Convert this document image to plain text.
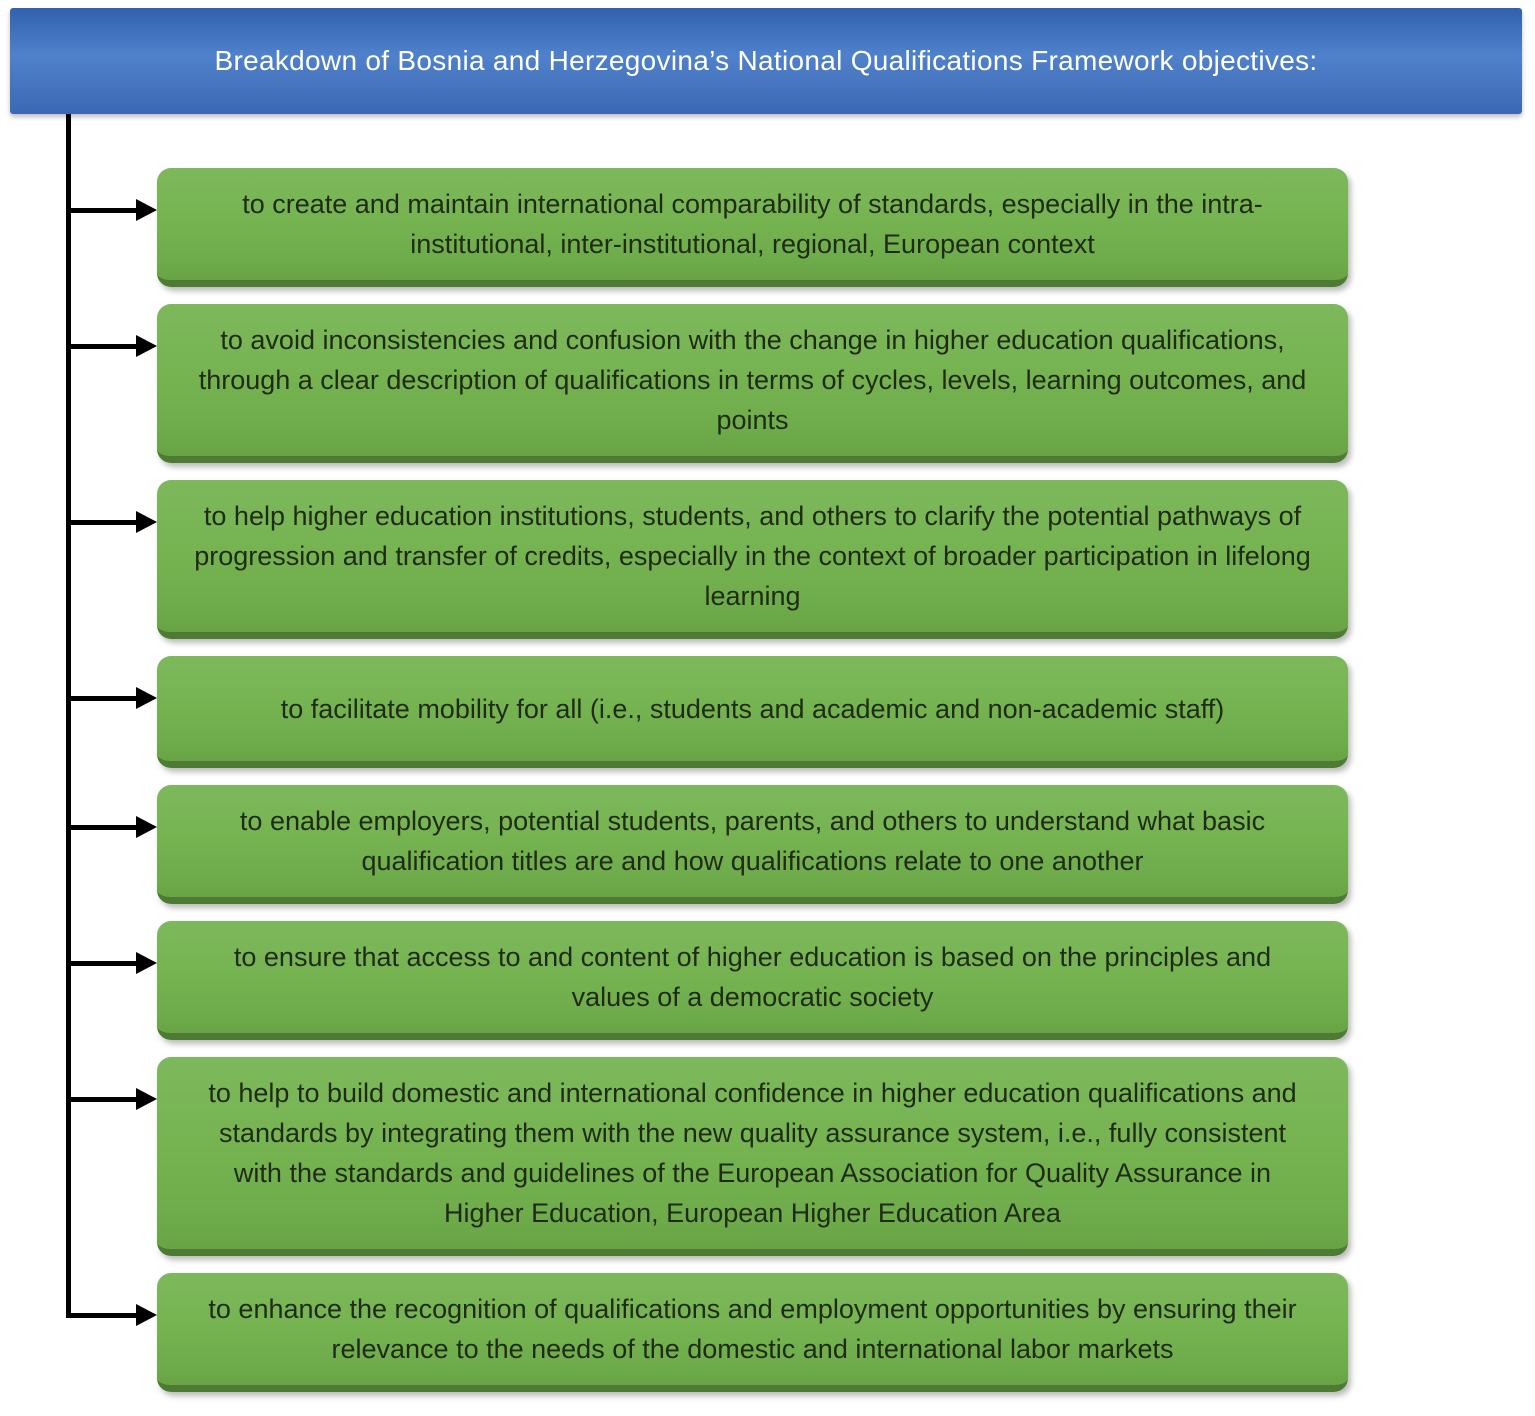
Breakdown of Bosnia and Herzegovina’s National Qualifications Framework objectives:
to create and maintain international comparability of standards, especially in the intra-institutional, inter-institutional, regional, European context
to avoid inconsistencies and confusion with the change in higher education qualifications, through a clear description of qualifications in terms of cycles, levels, learning outcomes, and points
to help higher education institutions, students, and others to clarify the potential pathways of progression and transfer of credits, especially in the context of broader participation in lifelong learning
to facilitate mobility for all (i.e., students and academic and non-academic staff)
to enable employers, potential students, parents, and others to understand what basic qualification titles are and how qualifications relate to one another
to ensure that access to and content of higher education is based on the principles and values of a democratic society
to help to build domestic and international confidence in higher education qualifications and standards by integrating them with the new quality assurance system, i.e., fully consistent with the standards and guidelines of the European Association for Quality Assurance in Higher Education, European Higher Education Area
to enhance the recognition of qualifications and employment opportunities by ensuring their relevance to the needs of the domestic and international labor markets
